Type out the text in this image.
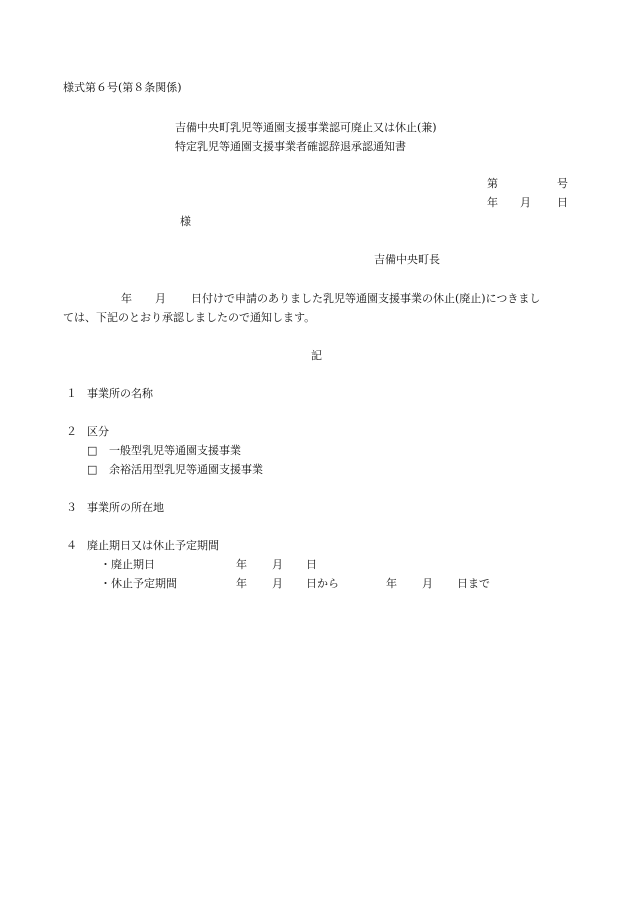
様式第６号(第８条関係)
吉備中央町乳児等通園支援事業認可廃止又は休止(兼)
特定乳児等通園支援事業者確認辞退承認通知書
第	号
年 月 日
様
吉備中央町長
年 月 日付けで申請のありました乳児等通園支援事業の休止(廃止)につきまし
ては、下記のとおり承認しましたので通知します。
記
１ 事業所の名称
２ 区分
□ 一般型乳児等通園支援事業
□ 余裕活用型乳児等通園支援事業
３ 事業所の所在地
４ 廃止期日又は休止予定期間
・廃止期日	年 月 日
・休止予定期間	年 月 日から	年 月 日まで
